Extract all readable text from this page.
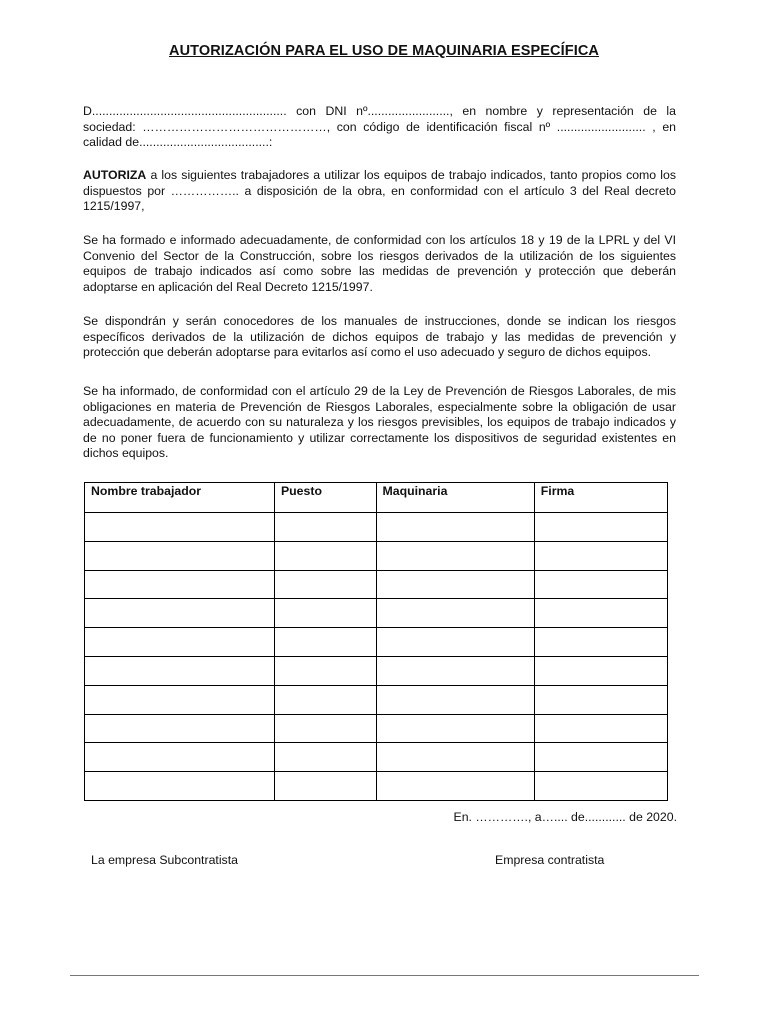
AUTORIZACIÓN PARA EL USO DE MAQUINARIA ESPECÍFICA

D......................................................... con DNI nº........................, en nombre y representación de la sociedad: ………………………………………, con código de identificación fiscal nº .......................... , en calidad de......................................:

AUTORIZA a los siguientes trabajadores a utilizar los equipos de trabajo indicados, tanto propios como los dispuestos por …………….. a disposición de la obra, en conformidad con el artículo 3 del Real decreto 1215/1997,

Se ha formado e informado adecuadamente, de conformidad con los artículos 18 y 19 de la LPRL y del VI Convenio del Sector de la Construcción, sobre los riesgos derivados de la utilización de los siguientes equipos de trabajo indicados así como sobre las medidas de prevención y protección que deberán adoptarse en aplicación del Real Decreto 1215/1997.

Se dispondrán y serán conocedores de los manuales de instrucciones, donde se indican los riesgos específicos derivados de la utilización de dichos equipos de trabajo y las medidas de prevención y protección que deberán adoptarse para evitarlos así como el uso adecuado y seguro de dichos equipos.

Se ha informado, de conformidad con el artículo 29 de la Ley de Prevención de Riesgos Laborales, de mis obligaciones en materia de Prevención de Riesgos Laborales, especialmente sobre la obligación de usar adecuadamente, de acuerdo con su naturaleza y los riesgos previsibles, los equipos de trabajo indicados y de no poner fuera de funcionamiento y utilizar correctamente los dispositivos de seguridad existentes en dichos equipos.

Nombre trabajador	Puesto	Maquinaria	Firma

En. …………., a….... de............ de 2020.
La empresa Subcontratista	Empresa contratista
